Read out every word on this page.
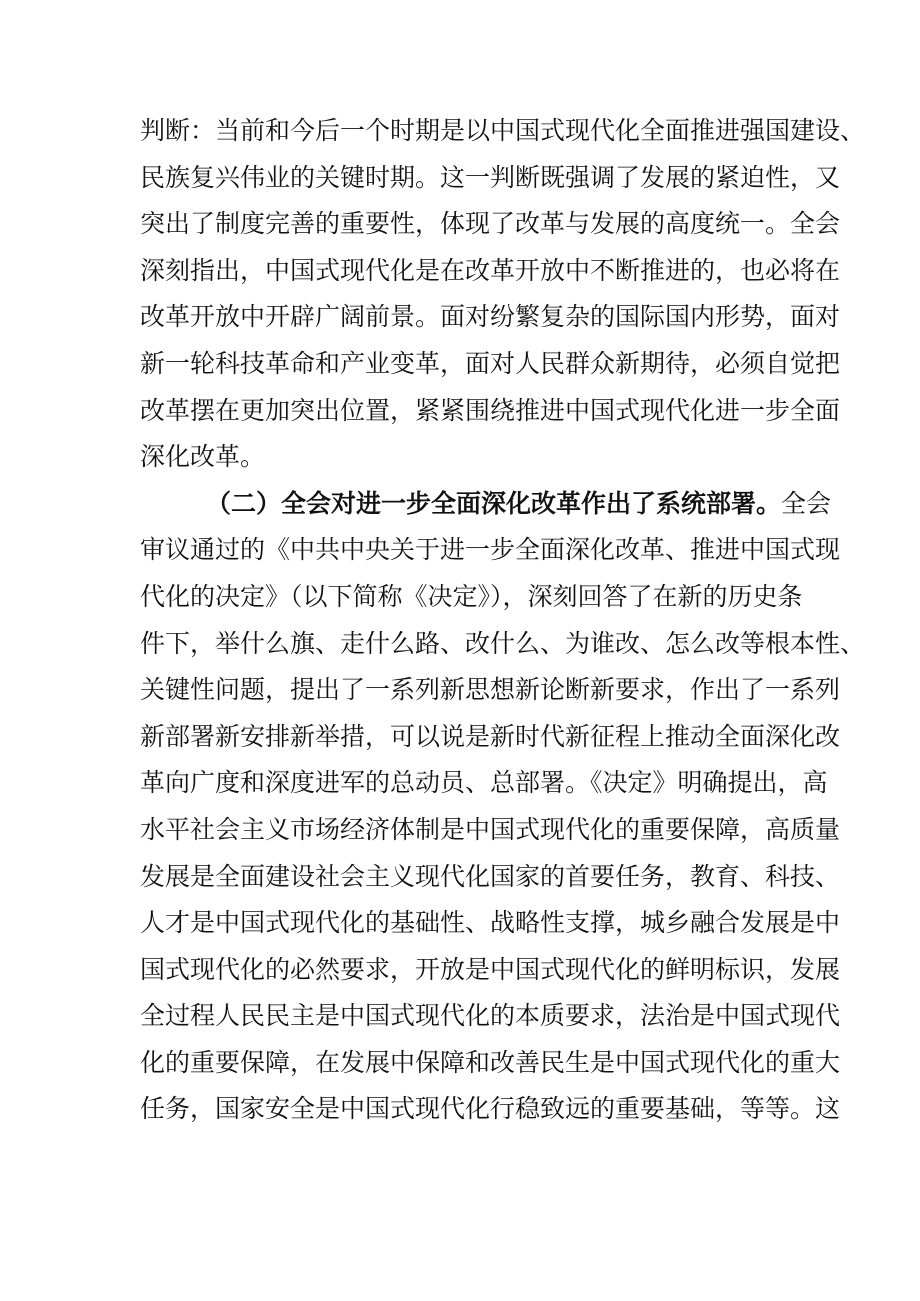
判断：当前和今后一个时期是以中国式现代化全面推进强国建设、
民族复兴伟业的关键时期。这一判断既强调了发展的紧迫性，又
突出了制度完善的重要性，体现了改革与发展的高度统一。全会
深刻指出，中国式现代化是在改革开放中不断推进的，也必将在
改革开放中开辟广阔前景。面对纷繁复杂的国际国内形势，面对
新一轮科技革命和产业变革，面对人民群众新期待，必须自觉把
改革摆在更加突出位置，紧紧围绕推进中国式现代化进一步全面
深化改革。
（二）全会对进一步全面深化改革作出了系统部署。全会
审议通过的《中共中央关于进一步全面深化改革、推进中国式现
代化的决定》（以下简称《决定》），深刻回答了在新的历史条
件下，举什么旗、走什么路、改什么、为谁改、怎么改等根本性、
关键性问题，提出了一系列新思想新论断新要求，作出了一系列
新部署新安排新举措，可以说是新时代新征程上推动全面深化改
革向广度和深度进军的总动员、总部署。《决定》明确提出，高
水平社会主义市场经济体制是中国式现代化的重要保障，高质量
发展是全面建设社会主义现代化国家的首要任务，教育、科技、
人才是中国式现代化的基础性、战略性支撑，城乡融合发展是中
国式现代化的必然要求，开放是中国式现代化的鲜明标识，发展
全过程人民民主是中国式现代化的本质要求，法治是中国式现代
化的重要保障，在发展中保障和改善民生是中国式现代化的重大
任务，国家安全是中国式现代化行稳致远的重要基础，等等。这
